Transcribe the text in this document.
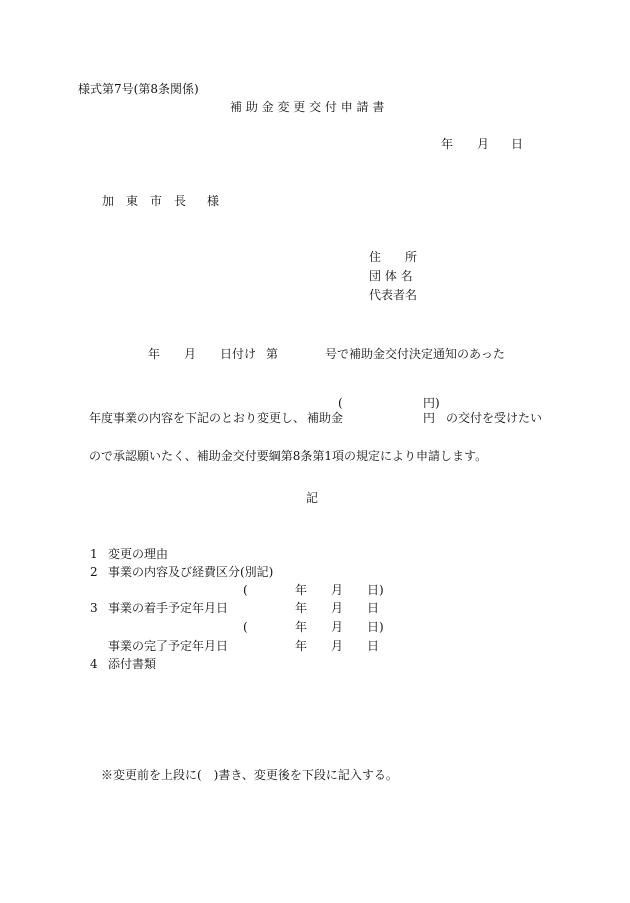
様式第7号(第8条関係)
補 助 金 変 更 交 付 申 請 書
年 月 日
加　東　市　長 様
住　　所
団 体 名
代表者名
年 月 日付け 第	号で補助金交付決定通知のあった
(	円)
年度事業の内容を下記のとおり変更し、 補助金	円 の交付を受けたい
ので承認願いたく、補助金交付要綱第8条第1項の規定により申請します。
記
1 変更の理由
2 事業の内容及び経費区分(別記)
(	年 月 日)
3 事業の着手予定年月日	年 月 日
(	年 月 日)
事業の完了予定年月日	年 月 日
4 添付書類
※変更前を上段に(　)書き、変更後を下段に記入する。
